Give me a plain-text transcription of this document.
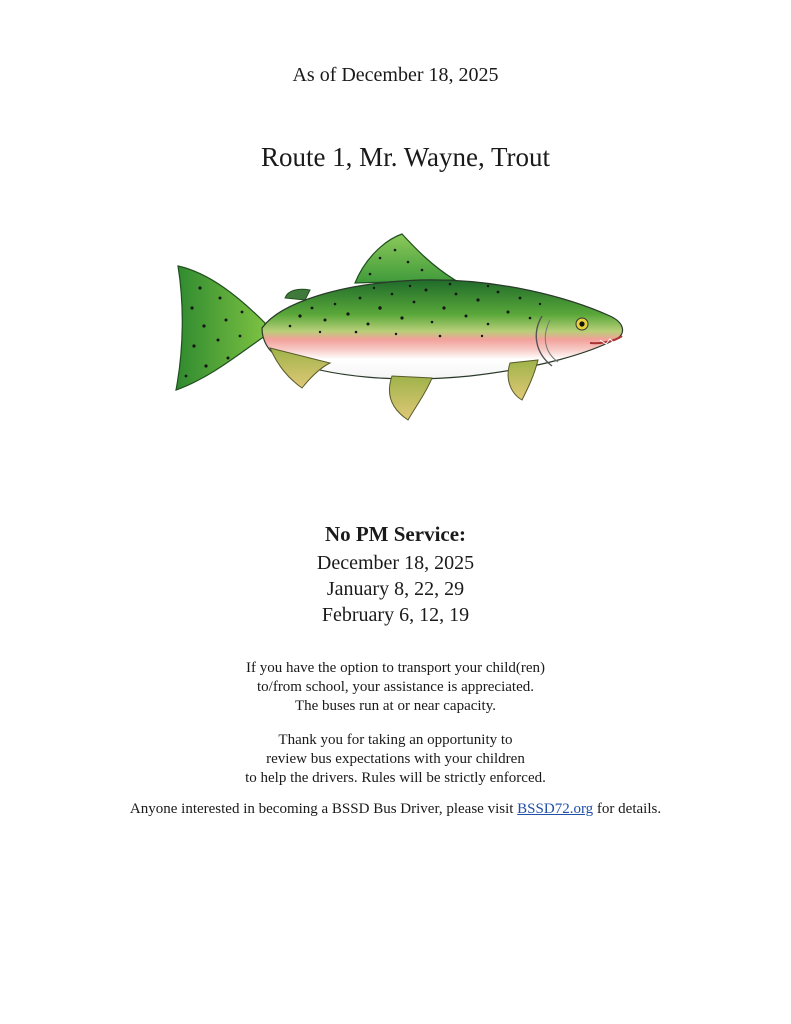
As of December 18, 2025
Route 1, Mr. Wayne, Trout
No PM Service:
December 18, 2025
January 8, 22, 29
February 6, 12, 19
If you have the option to transport your child(ren)
to/from school, your assistance is appreciated.
The buses run at or near capacity.
Thank you for taking an opportunity to
review bus expectations with your children
to help the drivers. Rules will be strictly enforced.
Anyone interested in becoming a BSSD Bus Driver, please visit BSSD72.org for details.
